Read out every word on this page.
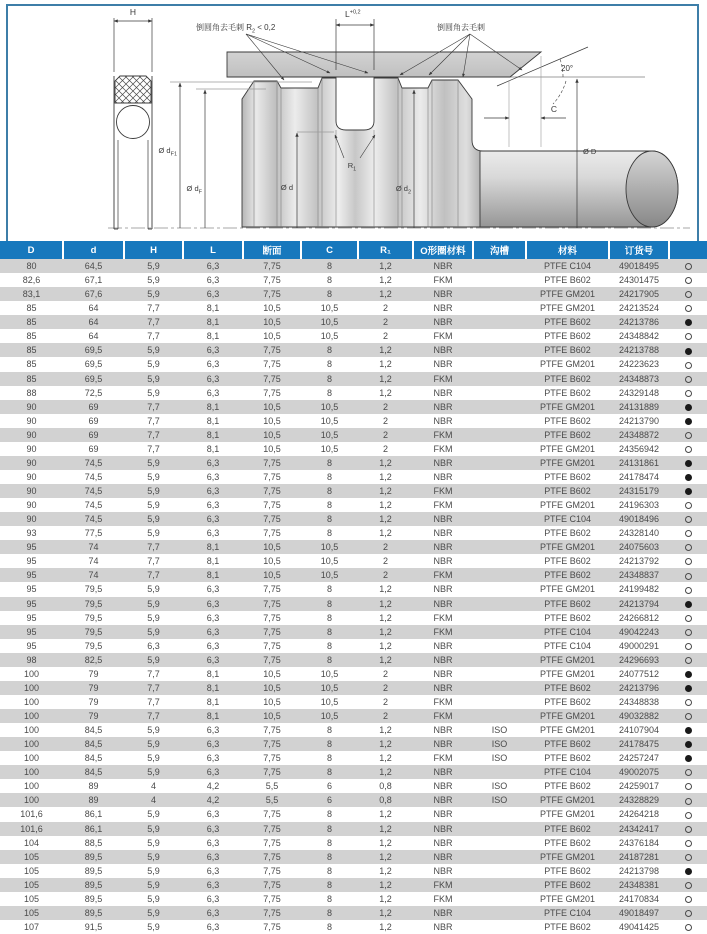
H	$L^{+0,2}$
倒圆角去毛刺 $R_2 < 0,2$	倒圆角去毛刺
20°
C
Ø $d_{F1}$
Ø $d_F$
Ø d	Ø $d_2$
Ø D
$R_1$
D	d	H	L	断面	C	R₁	O形圈材料	沟槽	材料	订货号	
80	64,5	5,9	6,3	7,75	8	1,2	NBR		PTFE C104	49018495	
82,6	67,1	5,9	6,3	7,75	8	1,2	FKM		PTFE B602	24301475	
83,1	67,6	5,9	6,3	7,75	8	1,2	NBR		PTFE GM201	24217905	
85	64	7,7	8,1	10,5	10,5	2	NBR		PTFE GM201	24213524	
85	64	7,7	8,1	10,5	10,5	2	NBR		PTFE B602	24213786	
85	64	7,7	8,1	10,5	10,5	2	FKM		PTFE B602	24348842	
85	69,5	5,9	6,3	7,75	8	1,2	NBR		PTFE B602	24213788	
85	69,5	5,9	6,3	7,75	8	1,2	NBR		PTFE GM201	24223623	
85	69,5	5,9	6,3	7,75	8	1,2	FKM		PTFE B602	24348873	
88	72,5	5,9	6,3	7,75	8	1,2	NBR		PTFE B602	24329148	
90	69	7,7	8,1	10,5	10,5	2	NBR		PTFE GM201	24131889	
90	69	7,7	8,1	10,5	10,5	2	NBR		PTFE B602	24213790	
90	69	7,7	8,1	10,5	10,5	2	FKM		PTFE B602	24348872	
90	69	7,7	8,1	10,5	10,5	2	FKM		PTFE GM201	24356942	
90	74,5	5,9	6,3	7,75	8	1,2	NBR		PTFE GM201	24131861	
90	74,5	5,9	6,3	7,75	8	1,2	NBR		PTFE B602	24178474	
90	74,5	5,9	6,3	7,75	8	1,2	FKM		PTFE B602	24315179	
90	74,5	5,9	6,3	7,75	8	1,2	FKM		PTFE GM201	24196303	
90	74,5	5,9	6,3	7,75	8	1,2	NBR		PTFE C104	49018496	
93	77,5	5,9	6,3	7,75	8	1,2	NBR		PTFE B602	24328140	
95	74	7,7	8,1	10,5	10,5	2	NBR		PTFE GM201	24075603	
95	74	7,7	8,1	10,5	10,5	2	NBR		PTFE B602	24213792	
95	74	7,7	8,1	10,5	10,5	2	FKM		PTFE B602	24348837	
95	79,5	5,9	6,3	7,75	8	1,2	NBR		PTFE GM201	24199482	
95	79,5	5,9	6,3	7,75	8	1,2	NBR		PTFE B602	24213794	
95	79,5	5,9	6,3	7,75	8	1,2	FKM		PTFE B602	24266812	
95	79,5	5,9	6,3	7,75	8	1,2	FKM		PTFE C104	49042243	
95	79,5	6,3	6,3	7,75	8	1,2	NBR		PTFE C104	49000291	
98	82,5	5,9	6,3	7,75	8	1,2	NBR		PTFE GM201	24296693	
100	79	7,7	8,1	10,5	10,5	2	NBR		PTFE GM201	24077512	
100	79	7,7	8,1	10,5	10,5	2	NBR		PTFE B602	24213796	
100	79	7,7	8,1	10,5	10,5	2	FKM		PTFE B602	24348838	
100	79	7,7	8,1	10,5	10,5	2	FKM		PTFE GM201	49032882	
100	84,5	5,9	6,3	7,75	8	1,2	NBR	ISO	PTFE GM201	24107904	
100	84,5	5,9	6,3	7,75	8	1,2	NBR	ISO	PTFE B602	24178475	
100	84,5	5,9	6,3	7,75	8	1,2	FKM	ISO	PTFE B602	24257247	
100	84,5	5,9	6,3	7,75	8	1,2	NBR		PTFE C104	49002075	
100	89	4	4,2	5,5	6	0,8	NBR	ISO	PTFE B602	24259017	
100	89	4	4,2	5,5	6	0,8	NBR	ISO	PTFE GM201	24328829	
101,6	86,1	5,9	6,3	7,75	8	1,2	NBR		PTFE GM201	24264218	
101,6	86,1	5,9	6,3	7,75	8	1,2	NBR		PTFE B602	24342417	
104	88,5	5,9	6,3	7,75	8	1,2	NBR		PTFE B602	24376184	
105	89,5	5,9	6,3	7,75	8	1,2	NBR		PTFE GM201	24187281	
105	89,5	5,9	6,3	7,75	8	1,2	NBR		PTFE B602	24213798	
105	89,5	5,9	6,3	7,75	8	1,2	FKM		PTFE B602	24348381	
105	89,5	5,9	6,3	7,75	8	1,2	FKM		PTFE GM201	24170834	
105	89,5	5,9	6,3	7,75	8	1,2	NBR		PTFE C104	49018497	
107	91,5	5,9	6,3	7,75	8	1,2	NBR		PTFE B602	49041425	
